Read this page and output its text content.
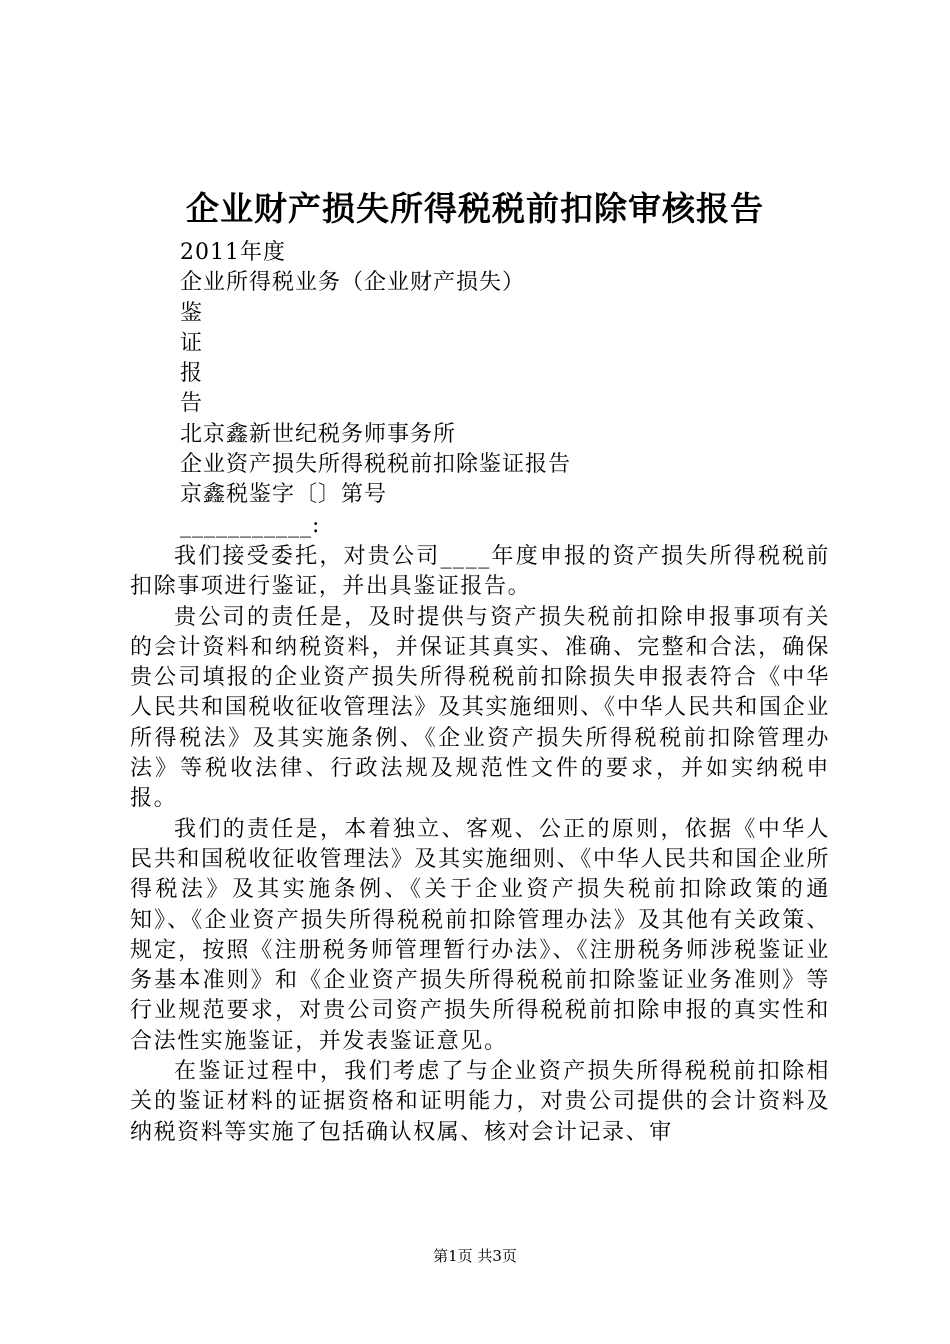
企业财产损失所得税税前扣除审核报告
2011年度
企业所得税业务（企业财产损失）
鉴
证
报
告
北京鑫新世纪税务师事务所
企业资产损失所得税税前扣除鉴证报告
京鑫税鉴字〔〕第号
___________:

我们接受委托，对贵公司____年度申报的资产损失所得税税前扣除事项进行鉴证，并出具鉴证报告。

贵公司的责任是，及时提供与资产损失税前扣除申报事项有关的会计资料和纳税资料，并保证其真实、准确、完整和合法，确保贵公司填报的企业资产损失所得税税前扣除损失申报表符合《中华人民共和国税收征收管理法》及其实施细则、《中华人民共和国企业所得税法》及其实施条例、《企业资产损失所得税税前扣除管理办法》等税收法律、行政法规及规范性文件的要求，并如实纳税申报。

我们的责任是，本着独立、客观、公正的原则，依据《中华人民共和国税收征收管理法》及其实施细则、《中华人民共和国企业所得税法》及其实施条例、《关于企业资产损失税前扣除政策的通知》、《企业资产损失所得税税前扣除管理办法》及其他有关政策、规定，按照《注册税务师管理暂行办法》、《注册税务师涉税鉴证业务基本准则》和《企业资产损失所得税税前扣除鉴证业务准则》等行业规范要求，对贵公司资产损失所得税税前扣除申报的真实性和合法性实施鉴证，并发表鉴证意见。

在鉴证过程中，我们考虑了与企业资产损失所得税税前扣除相关的鉴证材料的证据资格和证明能力，对贵公司提供的会计资料及纳税资料等实施了包括确认权属、核对会计记录、审

第1页 共3页
